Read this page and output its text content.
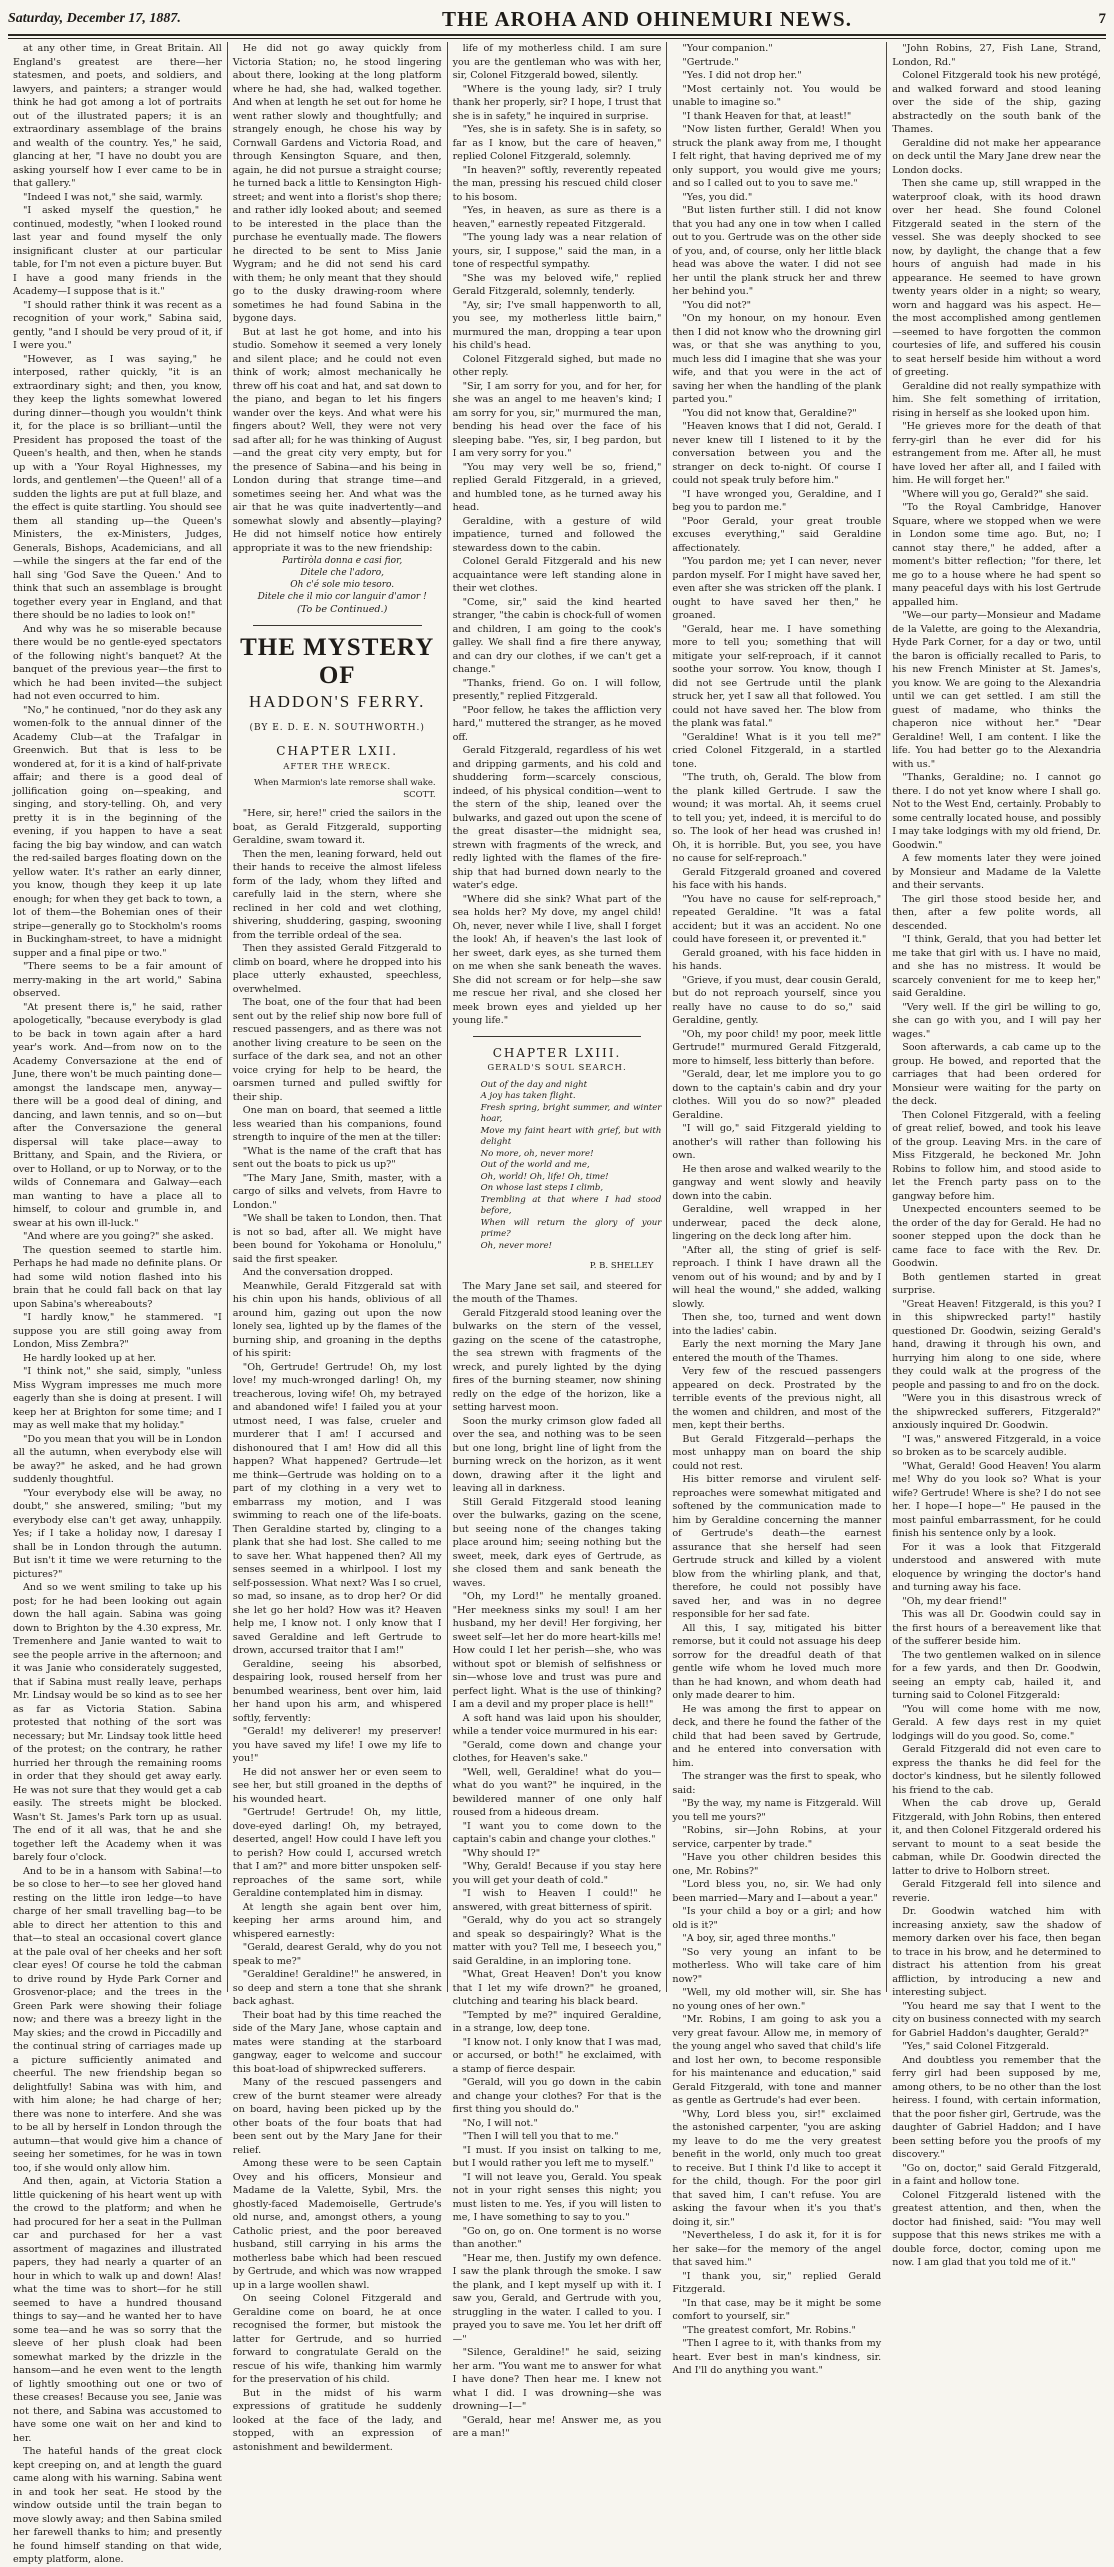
Saturday, December 17, 1887.	THE AROHA AND OHINEMURI NEWS.	7

at any other time, in Great Britain. All England's greatest are there—her statesmen, and poets, and soldiers, and lawyers, and painters; a stranger would think he had got among a lot of portraits out of the illustrated papers; it is an extraordinary assemblage of the brains and wealth of the country. Yes," he said, glancing at her, "I have no doubt you are asking yourself how I ever came to be in that gallery."

"Indeed I was not," she said, warmly.

"I asked myself the question," he continued, modestly, "when I looked round last year and found myself the only insignificant cluster at our particular table, for I'm not even a picture buyer. But I have a good many friends in the Academy—I suppose that is it."

"I should rather think it was recent as a recognition of your work," Sabina said, gently, "and I should be very proud of it, if I were you."

"However, as I was saying," he interposed, rather quickly, "it is an extraordinary sight; and then, you know, they keep the lights somewhat lowered during dinner—though you wouldn't think it, for the place is so brilliant—until the President has proposed the toast of the Queen's health, and then, when he stands up with a 'Your Royal Highnesses, my lords, and gentlemen'—the Queen!' all of a sudden the lights are put at full blaze, and the effect is quite startling. You should see them all standing up—the Queen's Ministers, the ex-Ministers, Judges, Generals, Bishops, Academicians, and all—while the singers at the far end of the hall sing 'God Save the Queen.' And to think that such an assemblage is brought together every year in England, and that there should be no ladies to look on!"

And why was he so miserable because there would be no gentle-eyed spectators of the following night's banquet? At the banquet of the previous year—the first to which he had been invited—the subject had not even occurred to him.

"No," he continued, "nor do they ask any women-folk to the annual dinner of the Academy Club—at the Trafalgar in Greenwich. But that is less to be wondered at, for it is a kind of half-private affair; and there is a good deal of jollification going on—speaking, and singing, and story-telling. Oh, and very pretty it is in the beginning of the evening, if you happen to have a seat facing the big bay window, and can watch the red-sailed barges floating down on the yellow water. It's rather an early dinner, you know, though they keep it up late enough; for when they get back to town, a lot of them—the Bohemian ones of their stripe—generally go to Stockholm's rooms in Buckingham-street, to have a midnight supper and a final pipe or two."

"There seems to be a fair amount of merry-making in the art world," Sabina observed.

"At present there is," he said, rather apologetically, "because everybody is glad to be back in town again after a hard year's work. And—from now on to the Academy Conversazione at the end of June, there won't be much painting done—amongst the landscape men, anyway—there will be a good deal of dining, and dancing, and lawn tennis, and so on—but after the Conversazione the general dispersal will take place—away to Brittany, and Spain, and the Riviera, or over to Holland, or up to Norway, or to the wilds of Connemara and Galway—each man wanting to have a place all to himself, to colour and grumble in, and swear at his own ill-luck."

"And where are you going?" she asked.

The question seemed to startle him. Perhaps he had made no definite plans. Or had some wild notion flashed into his brain that he could fall back on that lay upon Sabina's whereabouts?

"I hardly know," he stammered. "I suppose you are still going away from London, Miss Zembra?"

He hardly looked up at her.

"I think not," she said, simply, "unless Miss Wygram impresses me much more eagerly than she is doing at present. I will keep her at Brighton for some time; and I may as well make that my holiday."

"Do you mean that you will be in London all the autumn, when everybody else will be away?" he asked, and he had grown suddenly thoughtful.

"Your everybody else will be away, no doubt," she answered, smiling; "but my everybody else can't get away, unhappily. Yes; if I take a holiday now, I daresay I shall be in London through the autumn. But isn't it time we were returning to the pictures?"

And so we went smiling to take up his post; for he had been looking out again down the hall again. Sabina was going down to Brighton by the 4.30 express, Mr. Tremenhere and Janie wanted to wait to see the people arrive in the afternoon; and it was Janie who considerately suggested, that if Sabina must really leave, perhaps Mr. Lindsay would be so kind as to see her as far as Victoria Station. Sabina protested that nothing of the sort was necessary; but Mr. Lindsay took little heed of the protest; on the contrary, he rather hurried her through the remaining rooms in order that they should get away early. He was not sure that they would get a cab easily. The streets might be blocked. Wasn't St. James's Park torn up as usual. The end of it all was, that he and she together left the Academy when it was barely four o'clock.

And to be in a hansom with Sabina!—to be so close to her—to see her gloved hand resting on the little iron ledge—to have charge of her small travelling bag—to be able to direct her attention to this and that—to steal an occasional covert glance at the pale oval of her cheeks and her soft clear eyes! Of course he told the cabman to drive round by Hyde Park Corner and Grosvenor-place; and the trees in the Green Park were showing their foliage now; and there was a breezy light in the May skies; and the crowd in Piccadilly and the continual string of carriages made up a picture sufficiently animated and cheerful. The new friendship began so delightfully! Sabina was with him, and with him alone; he had charge of her; there was none to interfere. And she was to be all by herself in London through the autumn—that would give him a chance of seeing her sometimes, for he was in town too, if she would only allow him.

And then, again, at Victoria Station a little quickening of his heart went up with the crowd to the platform; and when he had procured for her a seat in the Pullman car and purchased for her a vast assortment of magazines and illustrated papers, they had nearly a quarter of an hour in which to walk up and down! Alas! what the time was to short—for he still seemed to have a hundred thousand things to say—and he wanted her to have some tea—and he was so sorry that the sleeve of her plush cloak had been somewhat marked by the drizzle in the hansom—and he even went to the length of lightly smoothing out one or two of these creases! Because you see, Janie was not there, and Sabina was accustomed to have some one wait on her and kind to her.

The hateful hands of the great clock kept creeping on, and at length the guard came along with his warning. Sabina went in and took her seat. He stood by the window outside until the train began to move slowly away; and then Sabina smiled her farewell thanks to him; and presently he found himself standing on that wide, empty platform, alone.

He did not go away quickly from Victoria Station; no, he stood lingering about there, looking at the long platform where he had, she had, walked together. And when at length he set out for home he went rather slowly and thoughtfully; and strangely enough, he chose his way by Cornwall Gardens and Victoria Road, and through Kensington Square, and then, again, he did not pursue a straight course; he turned back a little to Kensington High-street; and went into a florist's shop there; and rather idly looked about; and seemed to be interested in the place than the purchase he eventually made. The flowers he directed to be sent to Miss Janie Wygram; and he did not send his card with them; he only meant that they should go to the dusky drawing-room where sometimes he had found Sabina in the bygone days.

But at last he got home, and into his studio. Somehow it seemed a very lonely and silent place; and he could not even think of work; almost mechanically he threw off his coat and hat, and sat down to the piano, and began to let his fingers wander over the keys. And what were his fingers about? Well, they were not very sad after all; for he was thinking of August—and the great city very empty, but for the presence of Sabina—and his being in London during that strange time—and sometimes seeing her. And what was the air that he was quite inadvertently—and somewhat slowly and absently—playing? He did not himself notice how entirely appropriate it was to the new friendship:

Partiròla donna e casi fior,

Ditele che l'adoro,

Oh c'é sole mio tesoro.

Ditele che il mio cor languir d'amor !

(To be Continued.)

THE MYSTERY OF
HADDON'S FERRY.
(BY E. D. E. N. SOUTHWORTH.)
CHAPTER LXII.
AFTER THE WRECK.
When Marmion's late remorse shall wake.
SCOTT.

"Here, sir, here!" cried the sailors in the boat, as Gerald Fitzgerald, supporting Geraldine, swam toward it.

Then the men, leaning forward, held out their hands to receive the almost lifeless form of the lady, whom they lifted and carefully laid in the stern, where she reclined in her cold and wet clothing, shivering, shuddering, gasping, swooning from the terrible ordeal of the sea.

Then they assisted Gerald Fitzgerald to climb on board, where he dropped into his place utterly exhausted, speechless, overwhelmed.

The boat, one of the four that had been sent out by the relief ship now bore full of rescued passengers, and as there was not another living creature to be seen on the surface of the dark sea, and not an other voice crying for help to be heard, the oarsmen turned and pulled swiftly for their ship.

One man on board, that seemed a little less wearied than his companions, found strength to inquire of the men at the tiller:

"What is the name of the craft that has sent out the boats to pick us up?"

"The Mary Jane, Smith, master, with a cargo of silks and velvets, from Havre to London."

"We shall be taken to London, then. That is not so bad, after all. We might have been bound for Yokohama or Honolulu," said the first speaker.

And the conversation dropped.

Meanwhile, Gerald Fitzgerald sat with his chin upon his hands, oblivious of all around him, gazing out upon the now lonely sea, lighted up by the flames of the burning ship, and groaning in the depths of his spirit:

"Oh, Gertrude! Gertrude! Oh, my lost love! my much-wronged darling! Oh, my treacherous, loving wife! Oh, my betrayed and abandoned wife! I failed you at your utmost need, I was false, crueler and murderer that I am! I accursed and dishonoured that I am! How did all this happen? What happened? Gertrude—let me think—Gertrude was holding on to a part of my clothing in a very wet to embarrass my motion, and I was swimming to reach one of the life-boats. Then Geraldine started by, clinging to a plank that she had lost. She called to me to save her. What happened then? All my senses seemed in a whirlpool. I lost my self-possession. What next? Was I so cruel, so mad, so insane, as to drop her? Or did she let go her hold? How was it? Heaven help me, I know not. I only know that I saved Geraldine and left Gertrude to drown, accursed traitor that I am!"

Geraldine, seeing his absorbed, despairing look, roused herself from her benumbed weariness, bent over him, laid her hand upon his arm, and whispered softly, fervently:

"Gerald! my deliverer! my preserver! you have saved my life! I owe my life to you!"

He did not answer her or even seem to see her, but still groaned in the depths of his wounded heart.

"Gertrude! Gertrude! Oh, my little, dove-eyed darling! Oh, my betrayed, deserted, angel! How could I have left you to perish? How could I, accursed wretch that I am?" and more bitter unspoken self-reproaches of the same sort, while Geraldine contemplated him in dismay.

At length she again bent over him, keeping her arms around him, and whispered earnestly:

"Gerald, dearest Gerald, why do you not speak to me?"

"Geraldine! Geraldine!" he answered, in so deep and stern a tone that she shrank back aghast.

Their boat had by this time reached the side of the Mary Jane, whose captain and mates were standing at the starboard gangway, eager to welcome and succour this boat-load of shipwrecked sufferers.

Many of the rescued passengers and crew of the burnt steamer were already on board, having been picked up by the other boats of the four boats that had been sent out by the Mary Jane for their relief.

Among these were to be seen Captain Ovey and his officers, Monsieur and Madame de la Valette, Sybil, Mrs. the ghostly-faced Mademoiselle, Gertrude's old nurse, and, amongst others, a young Catholic priest, and the poor bereaved husband, still carrying in his arms the motherless babe which had been rescued by Gertrude, and which was now wrapped up in a large woollen shawl.

On seeing Colonel Fitzgerald and Geraldine come on board, he at once recognised the former, but mistook the latter for Gertrude, and so hurried forward to congratulate Gerald on the rescue of his wife, thanking him warmly for the preservation of his child.

But in the midst of his warm expressions of gratitude he suddenly looked at the face of the lady, and stopped, with an expression of astonishment and bewilderment.

life of my motherless child. I am sure you are the gentleman who was with her, sir, Colonel Fitzgerald bowed, silently.

"Where is the young lady, sir? I truly thank her properly, sir? I hope, I trust that she is in safety," he inquired in surprise.

"Yes, she is in safety. She is in safety, so far as I know, but the care of heaven," replied Colonel Fitzgerald, solemnly.

"In heaven?" softly, reverently repeated the man, pressing his rescued child closer to his bosom.

"Yes, in heaven, as sure as there is a heaven," earnestly repeated Fitzgerald.

"The young lady was a near relation of yours, sir, I suppose," said the man, in a tone of respectful sympathy.

"She was my beloved wife," replied Gerald Fitzgerald, solemnly, tenderly.

"Ay, sir; I've small happenworth to all, you see, my motherless little bairn," murmured the man, dropping a tear upon his child's head.

Colonel Fitzgerald sighed, but made no other reply.

"Sir, I am sorry for you, and for her, for she was an angel to me heaven's kind; I am sorry for you, sir," murmured the man, bending his head over the face of his sleeping babe. "Yes, sir, I beg pardon, but I am very sorry for you."

"You may very well be so, friend," replied Gerald Fitzgerald, in a grieved, and humbled tone, as he turned away his head.

Geraldine, with a gesture of wild impatience, turned and followed the stewardess down to the cabin.

Colonel Gerald Fitzgerald and his new acquaintance were left standing alone in their wet clothes.

"Come, sir," said the kind hearted stranger, "the cabin is chock-full of women and children, I am going to the cook's galley. We shall find a fire there anyway, and can dry our clothes, if we can't get a change."

"Thanks, friend. Go on. I will follow, presently," replied Fitzgerald.

"Poor fellow, he takes the affliction very hard," muttered the stranger, as he moved off.

Gerald Fitzgerald, regardless of his wet and dripping garments, and his cold and shuddering form—scarcely conscious, indeed, of his physical condition—went to the stern of the ship, leaned over the bulwarks, and gazed out upon the scene of the great disaster—the midnight sea, strewn with fragments of the wreck, and redly lighted with the flames of the fire-ship that had burned down nearly to the water's edge.

"Where did she sink? What part of the sea holds her? My dove, my angel child! Oh, never, never while I live, shall I forget the look! Ah, if heaven's the last look of her sweet, dark eyes, as she turned them on me when she sank beneath the waves. She did not scream or for help—she saw me rescue her rival, and she closed her meek brown eyes and yielded up her young life."

CHAPTER LXIII.
GERALD'S SOUL SEARCH.
Out of the day and night
A joy has taken flight.
Fresh spring, bright summer, and winter hoar,
Move my faint heart with grief, but with delight
No more, oh, never more!
Out of the world and me,
Oh, world! Oh, life! Oh, time!
On whose last steps I climb,
Trembling at that where I had stood before,
When will return the glory of your prime?
Oh, never more!
P. B. SHELLEY

The Mary Jane set sail, and steered for the mouth of the Thames.

Gerald Fitzgerald stood leaning over the bulwarks on the stern of the vessel, gazing on the scene of the catastrophe, the sea strewn with fragments of the wreck, and purely lighted by the dying fires of the burning steamer, now shining redly on the edge of the horizon, like a setting harvest moon.

Soon the murky crimson glow faded all over the sea, and nothing was to be seen but one long, bright line of light from the burning wreck on the horizon, as it went down, drawing after it the light and leaving all in darkness.

Still Gerald Fitzgerald stood leaning over the bulwarks, gazing on the scene, but seeing none of the changes taking place around him; seeing nothing but the sweet, meek, dark eyes of Gertrude, as she closed them and sank beneath the waves.

"Oh, my Lord!" he mentally groaned. "Her meekness sinks my soul! I am her husband, my her devil! Her forgiving, her sweet self—let her do more heart-kills me! How could I let her perish—she, who was without spot or blemish of selfishness or sin—whose love and trust was pure and perfect light. What is the use of thinking? I am a devil and my proper place is hell!"

A soft hand was laid upon his shoulder, while a tender voice murmured in his ear:

"Gerald, come down and change your clothes, for Heaven's sake."

"Well, well, Geraldine! what do you—what do you want?" he inquired, in the bewildered manner of one only half roused from a hideous dream.

"I want you to come down to the captain's cabin and change your clothes."

"Why should I?"

"Why, Gerald! Because if you stay here you will get your death of cold."

"I wish to Heaven I could!" he answered, with great bitterness of spirit.

"Gerald, why do you act so strangely and speak so despairingly? What is the matter with you? Tell me, I beseech you," said Geraldine, in an imploring tone.

"What, Great Heaven! Don't you know that I let my wife drown?" he groaned, clutching and tearing his black beard.

"Tempted by me?" inquired Geraldine, in a strange, low, deep tone.

"I know not. I only know that I was mad, or accursed, or both!" he exclaimed, with a stamp of fierce despair.

"Gerald, will you go down in the cabin and change your clothes? For that is the first thing you should do."

"No, I will not."

"Then I will tell you that to me."

"I must. If you insist on talking to me, but I would rather you left me to myself."

"I will not leave you, Gerald. You speak not in your right senses this night; you must listen to me. Yes, if you will listen to me, I have something to say to you."

"Go on, go on. One torment is no worse than another."

"Hear me, then. Justify my own defence. I saw the plank through the smoke. I saw the plank, and I kept myself up with it. I saw you, Gerald, and Gertrude with you, struggling in the water. I called to you. I prayed you to save me. You let her drift off—"

"Silence, Geraldine!" he said, seizing her arm. "You want me to answer for what I have done? Then hear me. I knew not what I did. I was drowning—she was drowning—I—"

"Gerald, hear me! Answer me, as you are a man!"

"Your companion."

"Gertrude."

"Yes. I did not drop her."

"Most certainly not. You would be unable to imagine so."

"I thank Heaven for that, at least!"

"Now listen further, Gerald! When you struck the plank away from me, I thought I felt right, that having deprived me of my only support, you would give me yours; and so I called out to you to save me."

"Yes, you did."

"But listen further still. I did not know that you had any one in tow when I called out to you. Gertrude was on the other side of you, and, of course, only her little black head was above the water. I did not see her until the plank struck her and threw her behind you."

"You did not?"

"On my honour, on my honour. Even then I did not know who the drowning girl was, or that she was anything to you, much less did I imagine that she was your wife, and that you were in the act of saving her when the handling of the plank parted you."

"You did not know that, Geraldine?"

"Heaven knows that I did not, Gerald. I never knew till I listened to it by the conversation between you and the stranger on deck to-night. Of course I could not speak truly before him."

"I have wronged you, Geraldine, and I beg you to pardon me."

"Poor Gerald, your great trouble excuses everything," said Geraldine affectionately.

"You pardon me; yet I can never, never pardon myself. For I might have saved her, even after she was stricken off the plank. I ought to have saved her then," he groaned.

"Gerald, hear me. I have something more to tell you; something that will mitigate your self-reproach, if it cannot soothe your sorrow. You know, though I did not see Gertrude until the plank struck her, yet I saw all that followed. You could not have saved her. The blow from the plank was fatal."

"Geraldine! What is it you tell me?" cried Colonel Fitzgerald, in a startled tone.

"The truth, oh, Gerald. The blow from the plank killed Gertrude. I saw the wound; it was mortal. Ah, it seems cruel to tell you; yet, indeed, it is merciful to do so. The look of her head was crushed in! Oh, it is horrible. But, you see, you have no cause for self-reproach."

Gerald Fitzgerald groaned and covered his face with his hands.

"You have no cause for self-reproach," repeated Geraldine. "It was a fatal accident; but it was an accident. No one could have foreseen it, or prevented it."

Gerald groaned, with his face hidden in his hands.

"Grieve, if you must, dear cousin Gerald, but do not reproach yourself, since you really have no cause to do so," said Geraldine, gently.

"Oh, my poor child! my poor, meek little Gertrude!" murmured Gerald Fitzgerald, more to himself, less bitterly than before.

"Gerald, dear, let me implore you to go down to the captain's cabin and dry your clothes. Will you do so now?" pleaded Geraldine.

"I will go," said Fitzgerald yielding to another's will rather than following his own.

He then arose and walked wearily to the gangway and went slowly and heavily down into the cabin.

Geraldine, well wrapped in her underwear, paced the deck alone, lingering on the deck long after him.

"After all, the sting of grief is self-reproach. I think I have drawn all the venom out of his wound; and by and by I will heal the wound," she added, walking slowly.

Then she, too, turned and went down into the ladies' cabin.

Early the next morning the Mary Jane entered the mouth of the Thames.

Very few of the rescued passengers appeared on deck. Prostrated by the terrible events of the previous night, all the women and children, and most of the men, kept their berths.

But Gerald Fitzgerald—perhaps the most unhappy man on board the ship could not rest.

His bitter remorse and virulent self-reproaches were somewhat mitigated and softened by the communication made to him by Geraldine concerning the manner of Gertrude's death—the earnest assurance that she herself had seen Gertrude struck and killed by a violent blow from the whirling plank, and that, therefore, he could not possibly have saved her, and was in no degree responsible for her sad fate.

All this, I say, mitigated his bitter remorse, but it could not assuage his deep sorrow for the dreadful death of that gentle wife whom he loved much more than he had known, and whom death had only made dearer to him.

He was among the first to appear on deck, and there he found the father of the child that had been saved by Gertrude, and he entered into conversation with him.

The stranger was the first to speak, who said:

"By the way, my name is Fitzgerald. Will you tell me yours?"

"Robins, sir—John Robins, at your service, carpenter by trade."

"Have you other children besides this one, Mr. Robins?"

"Lord bless you, no, sir. We had only been married—Mary and I—about a year."

"Is your child a boy or a girl; and how old is it?"

"A boy, sir, aged three months."

"So very young an infant to be motherless. Who will take care of him now?"

"Well, my old mother will, sir. She has no young ones of her own."

"Mr. Robins, I am going to ask you a very great favour. Allow me, in memory of the young angel who saved that child's life and lost her own, to become responsible for his maintenance and education," said Gerald Fitzgerald, with tone and manner as gentle as Gertrude's had ever been.

"Why, Lord bless you, sir!" exclaimed the astonished carpenter, "you are asking my leave to do me the very greatest benefit in the world, only much too great to receive. But I think I'd like to accept it for the child, though. For the poor girl that saved him, I can't refuse. You are asking the favour when it's you that's doing it, sir."

"Nevertheless, I do ask it, for it is for her sake—for the memory of the angel that saved him."

"I thank you, sir," replied Gerald Fitzgerald.

"In that case, may be it might be some comfort to yourself, sir."

"The greatest comfort, Mr. Robins."

"Then I agree to it, with thanks from my heart. Ever best in man's kindness, sir. And I'll do anything you want."

"John Robins, 27, Fish Lane, Strand, London, Rd."

Colonel Fitzgerald took his new protégé, and walked forward and stood leaning over the side of the ship, gazing abstractedly on the south bank of the Thames.

Geraldine did not make her appearance on deck until the Mary Jane drew near the London docks.

Then she came up, still wrapped in the waterproof cloak, with its hood drawn over her head. She found Colonel Fitzgerald seated in the stern of the vessel. She was deeply shocked to see now, by daylight, the change that a few hours of anguish had made in his appearance. He seemed to have grown twenty years older in a night; so weary, worn and haggard was his aspect. He—the most accomplished among gentlemen—seemed to have forgotten the common courtesies of life, and suffered his cousin to seat herself beside him without a word of greeting.

Geraldine did not really sympathize with him. She felt something of irritation, rising in herself as she looked upon him.

"He grieves more for the death of that ferry-girl than he ever did for his estrangement from me. After all, he must have loved her after all, and I failed with him. He will forget her."

"Where will you go, Gerald?" she said.

"To the Royal Cambridge, Hanover Square, where we stopped when we were in London some time ago. But, no; I cannot stay there," he added, after a moment's bitter reflection; "for there, let me go to a house where he had spent so many peaceful days with his lost Gertrude appalled him.

"We—our party—Monsieur and Madame de la Valette, are going to the Alexandria, Hyde Park Corner, for a day or two, until the baron is officially recalled to Paris, to his new French Minister at St. James's, you know. We are going to the Alexandria until we can get settled. I am still the guest of madame, who thinks the chaperon nice without her." "Dear Geraldine! Well, I am content. I like the life. You had better go to the Alexandria with us."

"Thanks, Geraldine; no. I cannot go there. I do not yet know where I shall go. Not to the West End, certainly. Probably to some centrally located house, and possibly I may take lodgings with my old friend, Dr. Goodwin."

A few moments later they were joined by Monsieur and Madame de la Valette and their servants.

The girl those stood beside her, and then, after a few polite words, all descended.

"I think, Gerald, that you had better let me take that girl with us. I have no maid, and she has no mistress. It would be scarcely convenient for me to keep her," said Geraldine.

"Very well. If the girl be willing to go, she can go with you, and I will pay her wages."

Soon afterwards, a cab came up to the group. He bowed, and reported that the carriages that had been ordered for Monsieur were waiting for the party on the deck.

Then Colonel Fitzgerald, with a feeling of great relief, bowed, and took his leave of the group. Leaving Mrs. in the care of Miss Fitzgerald, he beckoned Mr. John Robins to follow him, and stood aside to let the French party pass on to the gangway before him.

Unexpected encounters seemed to be the order of the day for Gerald. He had no sooner stepped upon the dock than he came face to face with the Rev. Dr. Goodwin.

Both gentlemen started in great surprise.

"Great Heaven! Fitzgerald, is this you? I in this shipwrecked party!" hastily questioned Dr. Goodwin, seizing Gerald's hand, drawing it through his own, and hurrying him along to one side, where they could walk at the progress of the people and passing to and fro on the dock.

"Were you in this disastrous wreck of the shipwrecked sufferers, Fitzgerald?" anxiously inquired Dr. Goodwin.

"I was," answered Fitzgerald, in a voice so broken as to be scarcely audible.

"What, Gerald! Good Heaven! You alarm me! Why do you look so? What is your wife? Gertrude! Where is she? I do not see her. I hope—I hope—" He paused in the most painful embarrassment, for he could finish his sentence only by a look.

For it was a look that Fitzgerald understood and answered with mute eloquence by wringing the doctor's hand and turning away his face.

"Oh, my dear friend!"

This was all Dr. Goodwin could say in the first hours of a bereavement like that of the sufferer beside him.

The two gentlemen walked on in silence for a few yards, and then Dr. Goodwin, seeing an empty cab, hailed it, and turning said to Colonel Fitzgerald:

"You will come home with me now, Gerald. A few days rest in my quiet lodgings will do you good. So, come."

Gerald Fitzgerald did not even care to express the thanks he did feel for the doctor's kindness, but he silently followed his friend to the cab.

When the cab drove up, Gerald Fitzgerald, with John Robins, then entered it, and then Colonel Fitzgerald ordered his servant to mount to a seat beside the cabman, while Dr. Goodwin directed the latter to drive to Holborn street.

Gerald Fitzgerald fell into silence and reverie.

Dr. Goodwin watched him with increasing anxiety, saw the shadow of memory darken over his face, then began to trace in his brow, and he determined to distract his attention from his great affliction, by introducing a new and interesting subject.

"You heard me say that I went to the city on business connected with my search for Gabriel Haddon's daughter, Gerald?"

"Yes," said Colonel Fitzgerald.

And doubtless you remember that the ferry girl had been supposed by me, among others, to be no other than the lost heiress. I found, with certain information, that the poor fisher girl, Gertrude, was the daughter of Gabriel Haddon; and I have been setting before you the proofs of my discovery."

"Go on, doctor," said Gerald Fitzgerald, in a faint and hollow tone.

Colonel Fitzgerald listened with the greatest attention, and then, when the doctor had finished, said: "You may well suppose that this news strikes me with a double force, doctor, coming upon me now. I am glad that you told me of it."
